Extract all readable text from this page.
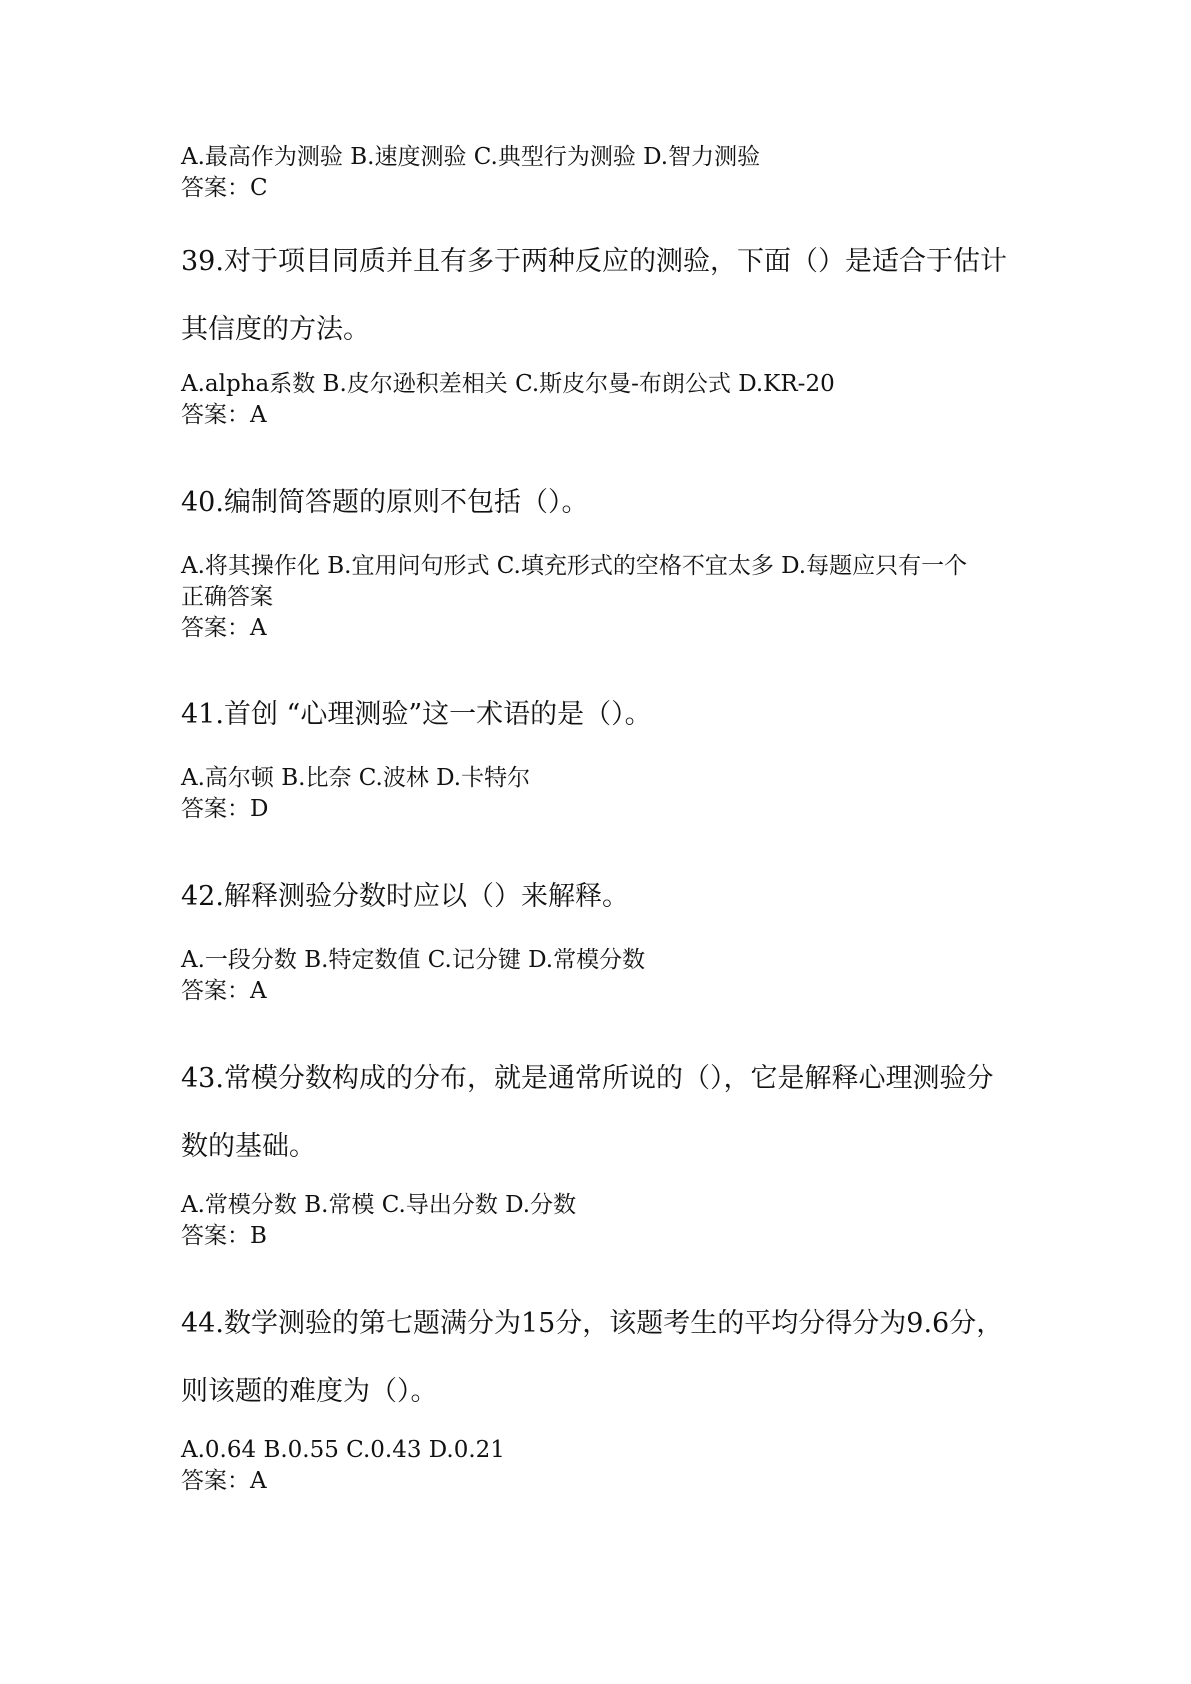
A.最高作为测验 B.速度测验 C.典型行为测验 D.智力测验
答案：C
39.对于项目同质并且有多于两种反应的测验，下面（）是适合于估计
其信度的方法。
A.alpha系数 B.皮尔逊积差相关 C.斯皮尔曼-布朗公式 D.KR-20
答案：A
40.编制简答题的原则不包括（）。
A.将其操作化 B.宜用问句形式 C.填充形式的空格不宜太多 D.每题应只有一个
正确答案
答案：A
41.首创 “心理测验”这一术语的是（）。
A.高尔顿 B.比奈 C.波林 D.卡特尔
答案：D
42.解释测验分数时应以（）来解释。
A.一段分数 B.特定数值 C.记分键 D.常模分数
答案：A
43.常模分数构成的分布，就是通常所说的（），它是解释心理测验分
数的基础。
A.常模分数 B.常模 C.导出分数 D.分数
答案：B
44.数学测验的第七题满分为15分，该题考生的平均分得分为9.6分，
则该题的难度为（）。
A.0.64 B.0.55 C.0.43 D.0.21
答案：A
